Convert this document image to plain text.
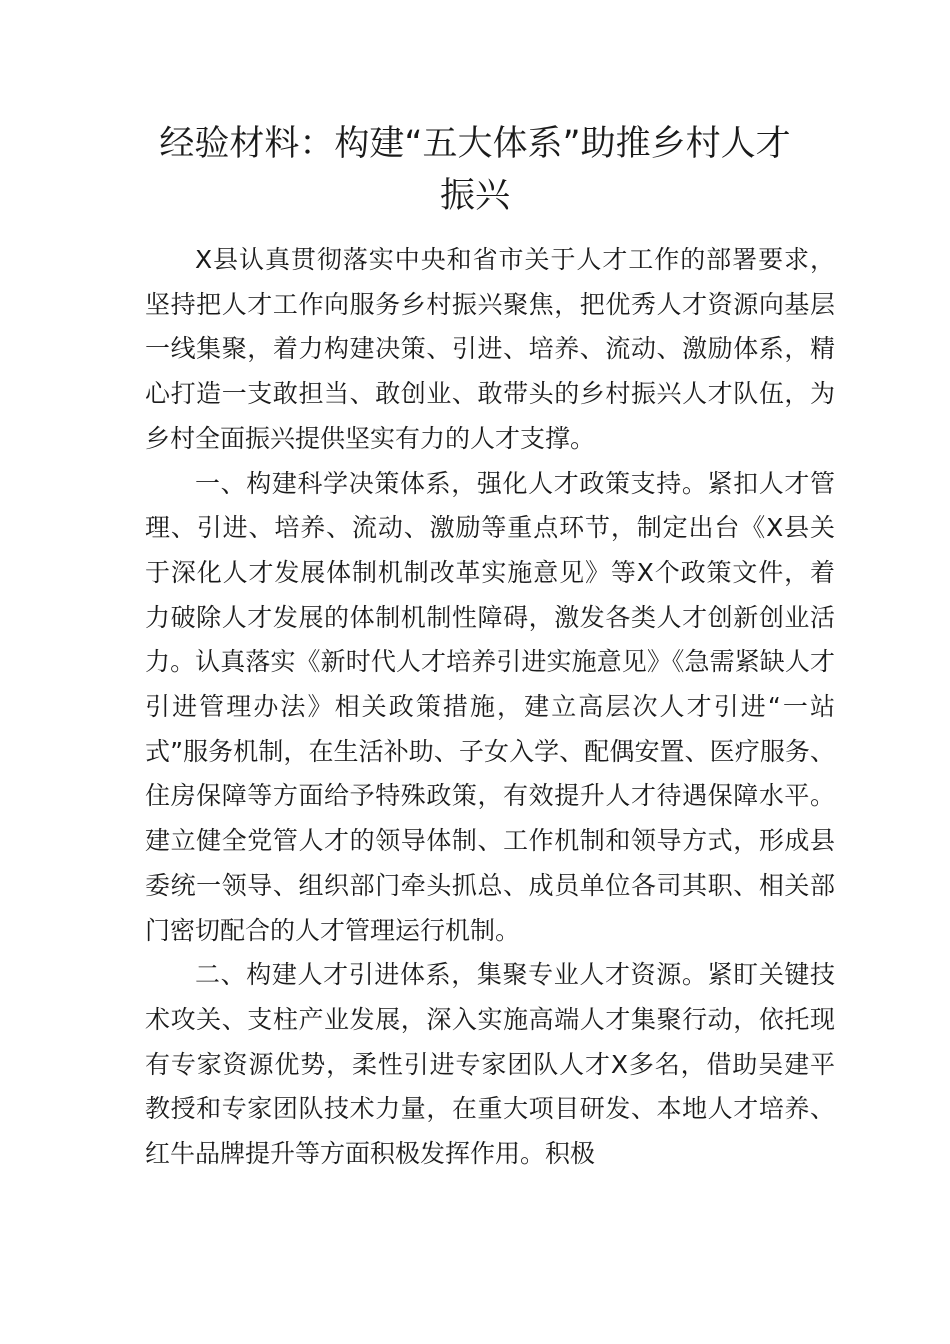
经验材料：构建“五大体系”助推乡村人才振兴

X县认真贯彻落实中央和省市关于人才工作的部署要求，坚持把人才工作向服务乡村振兴聚焦，把优秀人才资源向基层一线集聚，着力构建决策、引进、培养、流动、激励体系，精心打造一支敢担当、敢创业、敢带头的乡村振兴人才队伍，为乡村全面振兴提供坚实有力的人才支撑。

一、构建科学决策体系，强化人才政策支持。紧扣人才管理、引进、培养、流动、激励等重点环节，制定出台《X县关于深化人才发展体制机制改革实施意见》等X个政策文件，着力破除人才发展的体制机制性障碍，激发各类人才创新创业活力。认真落实《新时代人才培养引进实施意见》《急需紧缺人才引进管理办法》相关政策措施，建立高层次人才引进“一站式”服务机制，在生活补助、子女入学、配偶安置、医疗服务、住房保障等方面给予特殊政策，有效提升人才待遇保障水平。建立健全党管人才的领导体制、工作机制和领导方式，形成县委统一领导、组织部门牵头抓总、成员单位各司其职、相关部门密切配合的人才管理运行机制。

二、构建人才引进体系，集聚专业人才资源。紧盯关键技术攻关、支柱产业发展，深入实施高端人才集聚行动，依托现有专家资源优势，柔性引进专家团队人才X多名，借助吴建平教授和专家团队技术力量，在重大项目研发、本地人才培养、红牛品牌提升等方面积极发挥作用。积极
